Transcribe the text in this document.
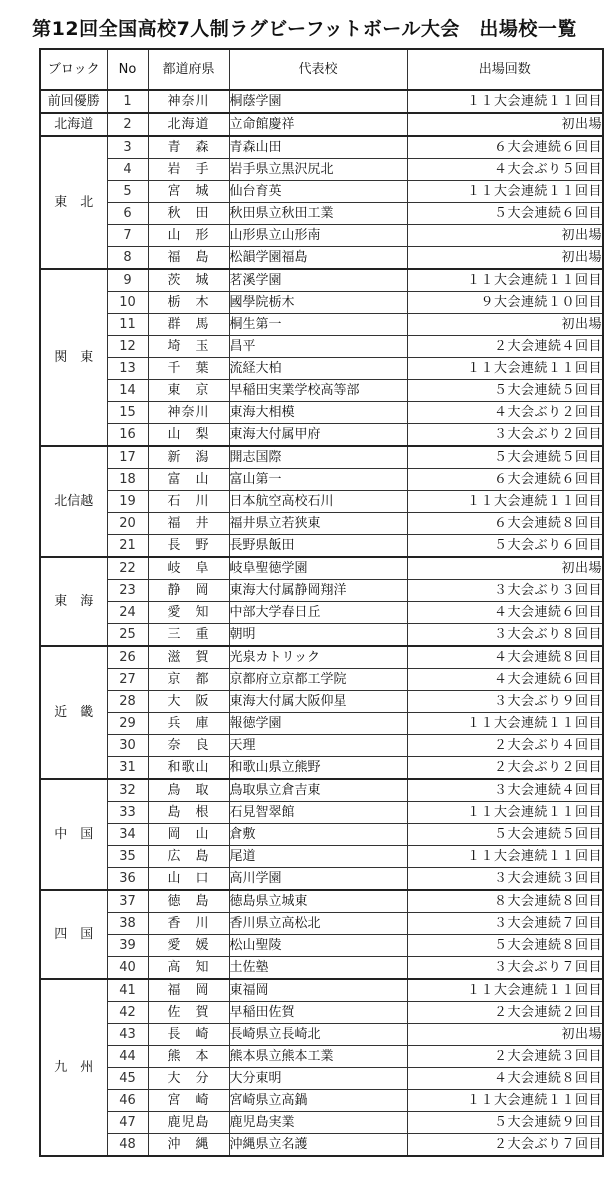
第12回全国高校7人制ラグビーフットボール大会　出場校一覧
ブロック	No	都道府県	代表校	出場回数
前回優勝	1	神奈川	桐蔭学園	１１大会連続１１回目
北海道	2	北海道	立命館慶祥	初出場
東　北	3	青　森	青森山田	６大会連続６回目
	4	岩　手	岩手県立黒沢尻北	４大会ぶり５回目
	5	宮　城	仙台育英	１１大会連続１１回目
	6	秋　田	秋田県立秋田工業	５大会連続６回目
	7	山　形	山形県立山形南	初出場
	8	福　島	松韻学園福島	初出場
関　東	9	茨　城	茗溪学園	１１大会連続１１回目
	10	栃　木	國學院栃木	９大会連続１０回目
	11	群　馬	桐生第一	初出場
	12	埼　玉	昌平	２大会連続４回目
	13	千　葉	流経大柏	１１大会連続１１回目
	14	東　京	早稲田実業学校高等部	５大会連続５回目
	15	神奈川	東海大相模	４大会ぶり２回目
	16	山　梨	東海大付属甲府	３大会ぶり２回目
北信越	17	新　潟	開志国際	５大会連続５回目
	18	富　山	富山第一	６大会連続６回目
	19	石　川	日本航空高校石川	１１大会連続１１回目
	20	福　井	福井県立若狭東	６大会連続８回目
	21	長　野	長野県飯田	５大会ぶり６回目
東　海	22	岐　阜	岐阜聖徳学園	初出場
	23	静　岡	東海大付属静岡翔洋	３大会ぶり３回目
	24	愛　知	中部大学春日丘	４大会連続６回目
	25	三　重	朝明	３大会ぶり８回目
近　畿	26	滋　賀	光泉カトリック	４大会連続８回目
	27	京　都	京都府立京都工学院	４大会連続６回目
	28	大　阪	東海大付属大阪仰星	３大会ぶり９回目
	29	兵　庫	報徳学園	１１大会連続１１回目
	30	奈　良	天理	２大会ぶり４回目
	31	和歌山	和歌山県立熊野	２大会ぶり２回目
中　国	32	鳥　取	鳥取県立倉吉東	３大会連続４回目
	33	島　根	石見智翠館	１１大会連続１１回目
	34	岡　山	倉敷	５大会連続５回目
	35	広　島	尾道	１１大会連続１１回目
	36	山　口	高川学園	３大会連続３回目
四　国	37	徳　島	徳島県立城東	８大会連続８回目
	38	香　川	香川県立高松北	３大会連続７回目
	39	愛　媛	松山聖陵	５大会連続８回目
	40	高　知	土佐塾	３大会ぶり７回目
九　州	41	福　岡	東福岡	１１大会連続１１回目
	42	佐　賀	早稲田佐賀	２大会連続２回目
	43	長　崎	長崎県立長崎北	初出場
	44	熊　本	熊本県立熊本工業	２大会連続３回目
	45	大　分	大分東明	４大会連続８回目
	46	宮　崎	宮崎県立高鍋	１１大会連続１１回目
	47	鹿児島	鹿児島実業	５大会連続９回目
	48	沖　縄	沖縄県立名護	２大会ぶり７回目
